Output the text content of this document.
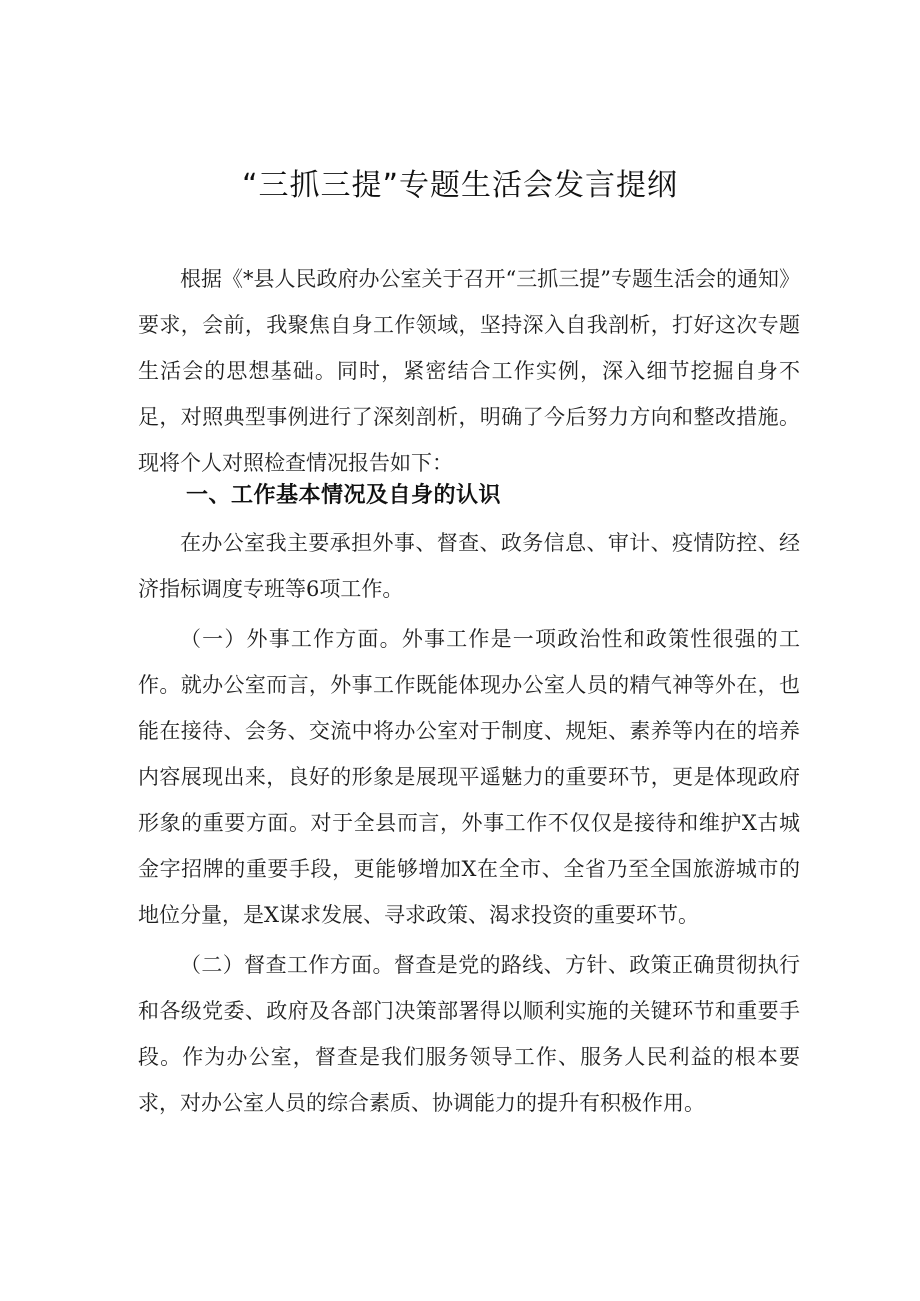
“三抓三提”专题生活会发言提纲

根据《*县人民政府办公室关于召开“三抓三提”专题生活会的通知》要求，会前，我聚焦自身工作领域，坚持深入自我剖析，打好这次专题生活会的思想基础。同时，紧密结合工作实例，深入细节挖掘自身不足，对照典型事例进行了深刻剖析，明确了今后努力方向和整改措施。现将个人对照检查情况报告如下：

一、工作基本情况及自身的认识

在办公室我主要承担外事、督查、政务信息、审计、疫情防控、经济指标调度专班等6项工作。

（一）外事工作方面。外事工作是一项政治性和政策性很强的工作。就办公室而言，外事工作既能体现办公室人员的精气神等外在，也能在接待、会务、交流中将办公室对于制度、规矩、素养等内在的培养内容展现出来，良好的形象是展现平遥魅力的重要环节，更是体现政府形象的重要方面。对于全县而言，外事工作不仅仅是接待和维护X古城金字招牌的重要手段，更能够增加X在全市、全省乃至全国旅游城市的地位分量，是X谋求发展、寻求政策、渴求投资的重要环节。

（二）督查工作方面。督查是党的路线、方针、政策正确贯彻执行和各级党委、政府及各部门决策部署得以顺利实施的关键环节和重要手段。作为办公室，督查是我们服务领导工作、服务人民利益的根本要求，对办公室人员的综合素质、协调能力的提升有积极作用。
